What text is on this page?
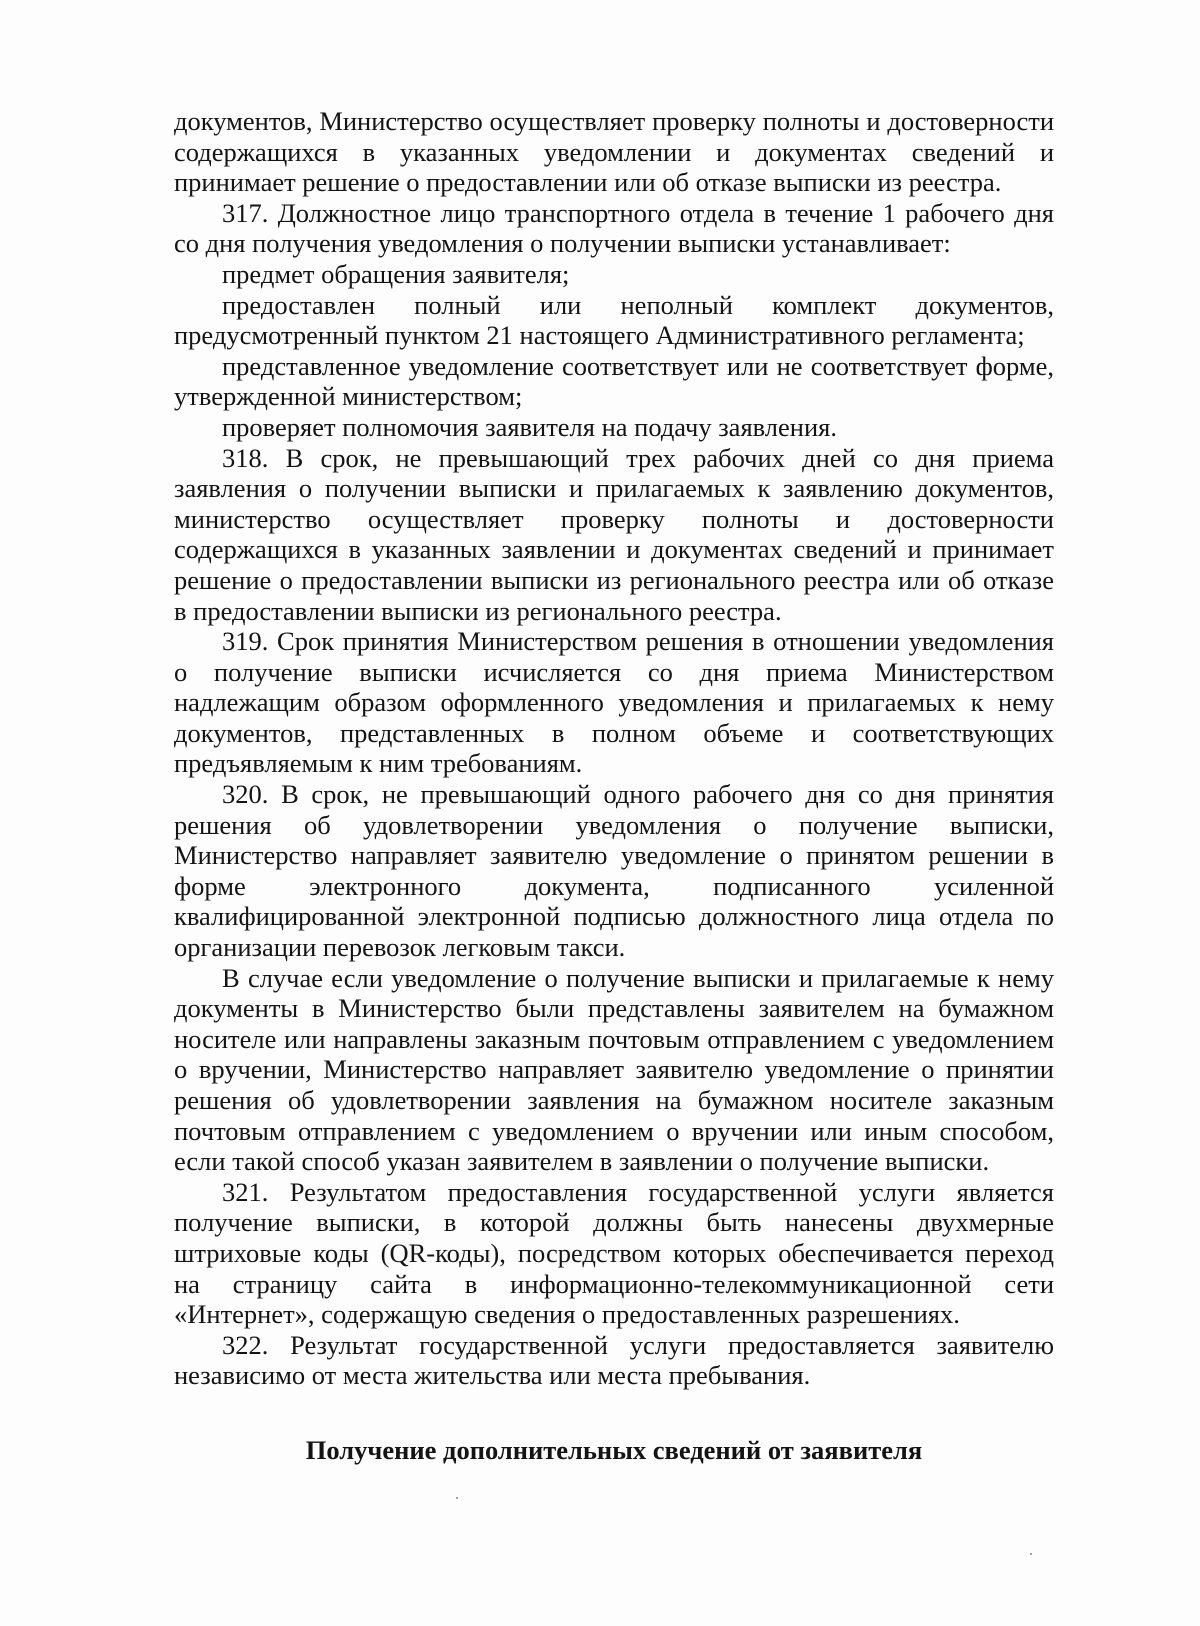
документов, Министерство осуществляет проверку полноты и достоверности содержащихся в указанных уведомлении и документах сведений и принимает решение о предоставлении или об отказе выписки из реестра.

317. Должностное лицо транспортного отдела в течение 1 рабочего дня со дня получения уведомления о получении выписки устанавливает:

предмет обращения заявителя;

предоставлен полный или неполный комплект документов, предусмотренный пунктом 21 настоящего Административного регламента;

представленное уведомление соответствует или не соответствует форме, утвержденной министерством;

проверяет полномочия заявителя на подачу заявления.

318. В срок, не превышающий трех рабочих дней со дня приема заявления о получении выписки и прилагаемых к заявлению документов, министерство осуществляет проверку полноты и достоверности содержащихся в указанных заявлении и документах сведений и принимает решение о предоставлении выписки из регионального реестра или об отказе в предоставлении выписки из регионального реестра.

319. Срок принятия Министерством решения в отношении уведомления о получение выписки исчисляется со дня приема Министерством надлежащим образом оформленного уведомления и прилагаемых к нему документов, представленных в полном объеме и соответствующих предъявляемым к ним требованиям.

320. В срок, не превышающий одного рабочего дня со дня принятия решения об удовлетворении уведомления о получение выписки, Министерство направляет заявителю уведомление о принятом решении в форме электронного документа, подписанного усиленной квалифицированной электронной подписью должностного лица отдела по организации перевозок легковым такси.

В случае если уведомление о получение выписки и прилагаемые к нему документы в Министерство были представлены заявителем на бумажном носителе или направлены заказным почтовым отправлением с уведомлением о вручении, Министерство направляет заявителю уведомление о принятии решения об удовлетворении заявления на бумажном носителе заказным почтовым отправлением с уведомлением о вручении или иным способом, если такой способ указан заявителем в заявлении о получение выписки.

321. Результатом предоставления государственной услуги является получение выписки, в которой должны быть нанесены двухмерные штриховые коды (QR-коды), посредством которых обеспечивается переход на страницу сайта в информационно-телекоммуникационной сети «Интернет», содержащую сведения о предоставленных разрешениях.

322. Результат государственной услуги предоставляется заявителю независимо от места жительства или места пребывания.

Получение дополнительных сведений от заявителя
